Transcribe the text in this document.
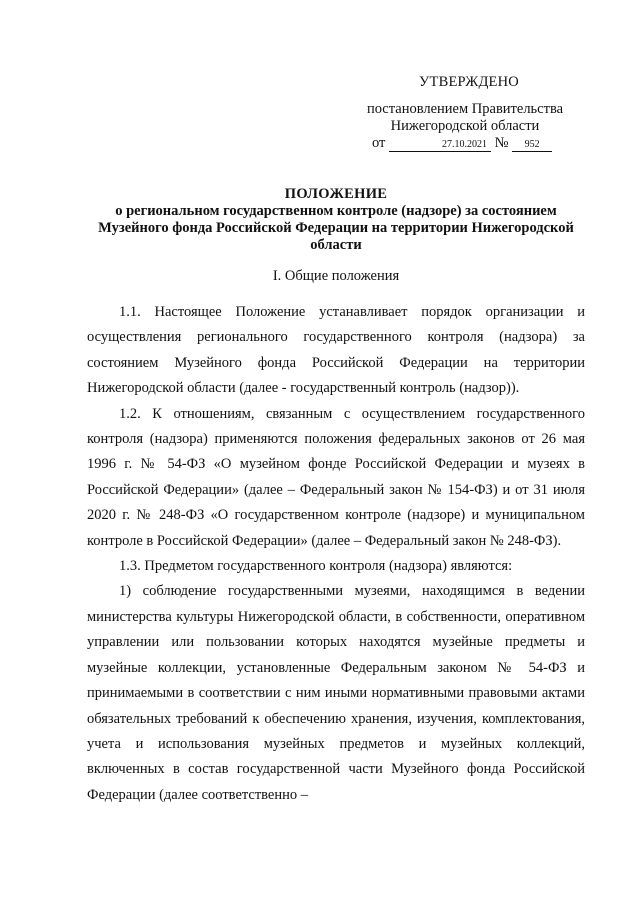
УТВЕРЖДЕНО
постановлением Правительства
Нижегородской области
от	27.10.2021 № 952
ПОЛОЖЕНИЕ
о региональном государственном контроле (надзоре) за состоянием
Музейного фонда Российской Федерации на территории Нижегородской
области
I. Общие положения

1.1. Настоящее Положение устанавливает порядок организации и осуществления регионального государственного контроля (надзора) за состоянием Музейного фонда Российской Федерации на территории Нижегородской области (далее - государственный контроль (надзор)).

1.2. К отношениям, связанным с осуществлением государственного контроля (надзора) применяются положения федеральных законов от 26 мая 1996 г. № 54-ФЗ «О музейном фонде Российской Федерации и музеях в Российской Федерации» (далее – Федеральный закон № 154-ФЗ) и от 31 июля 2020 г. № 248-ФЗ «О государственном контроле (надзоре) и муниципальном контроле в Российской Федерации» (далее – Федеральный закон № 248-ФЗ).

1.3. Предметом государственного контроля (надзора) являются:

1) соблюдение государственными музеями, находящимся в ведении министерства культуры Нижегородской области, в собственности, оперативном управлении или пользовании которых находятся музейные предметы и музейные коллекции, установленные Федеральным законом № 54-ФЗ и принимаемыми в соответствии с ним иными нормативными правовыми актами обязательных требований к обеспечению хранения, изучения, комплектования, учета и использования музейных предметов и музейных коллекций, включенных в состав государственной части Музейного фонда Российской Федерации (далее соответственно –
